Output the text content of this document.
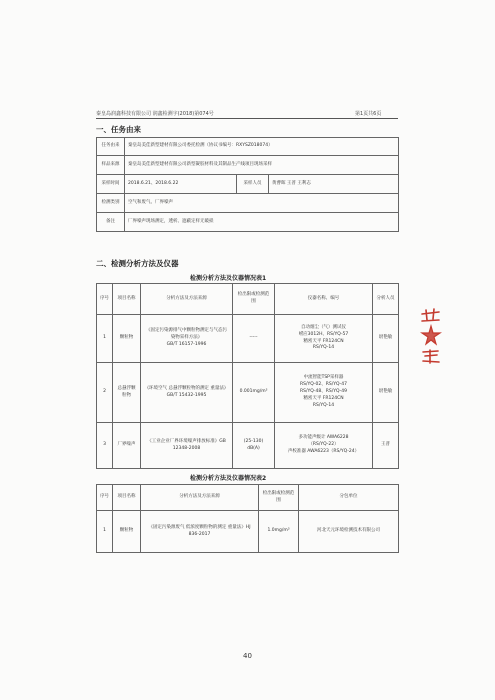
秦皇岛润鑫科技有限公司 润鑫检测字(2018)第074号	第1页共6页
一、任务由来
任务由来	秦皇岛美佳新型建材有限公司委托检测（协议书编号：RXYSZ018074）		
样品来源	秦皇岛美佳新型建材有限公司新型凝胶材料及其制品生产线项目现场采样		
采样时间	2018.6.21、2018.6.22	采样人员	黄曹晖 王普 王利志
检测类别	空气和废气、厂界噪声		
备注	厂界噪声现场测定，透析、遮蔽定样无破损		
二、检测分析方法及仪器
检测分析方法及仪器情况表1
序号	项目名称	分析方法及方法来源	检出限或检测范围	仪器名称、编号	分析人员
1	颗粒物	《固定污染源排气中颗粒物测定与气态污染物采样方法》
GB/T 16157-1996	-----	自动烟尘（气）测试仪
崂应3012H、RS/YQ-57
精密天平 FR124CN
RS/YQ-14	尉艳敏
2	总悬浮颗粒物	《环境空气 总悬浮颗粒物的测定 重量法》
GB/T 15432-1995	0.001mg/m³	中流智能TSP采样器
RS/YQ-02、RS/YQ-47
RS/YQ-48、RS/YQ-49
精密天平 FR124CN
RS/YQ-14	尉艳敏
3	厂界噪声	《工业企业厂界环境噪声排放标准》GB 12348-2008	(25-130)
dB(A)	多功能声级计 AWA6228
（RS/YQ-22）
声校准器 AWA6223（RS/YQ-24）	王普
检测分析方法及仪器情况表2
序号	项目名称	分析方法及方法来源	检出限或检测范围	分包单位
1	颗粒物	《固定污染源废气 低浓度颗粒物的测定 重量法》HJ 836-2017	1.0mg/m³	河北天元环境检测技术有限公司
40
